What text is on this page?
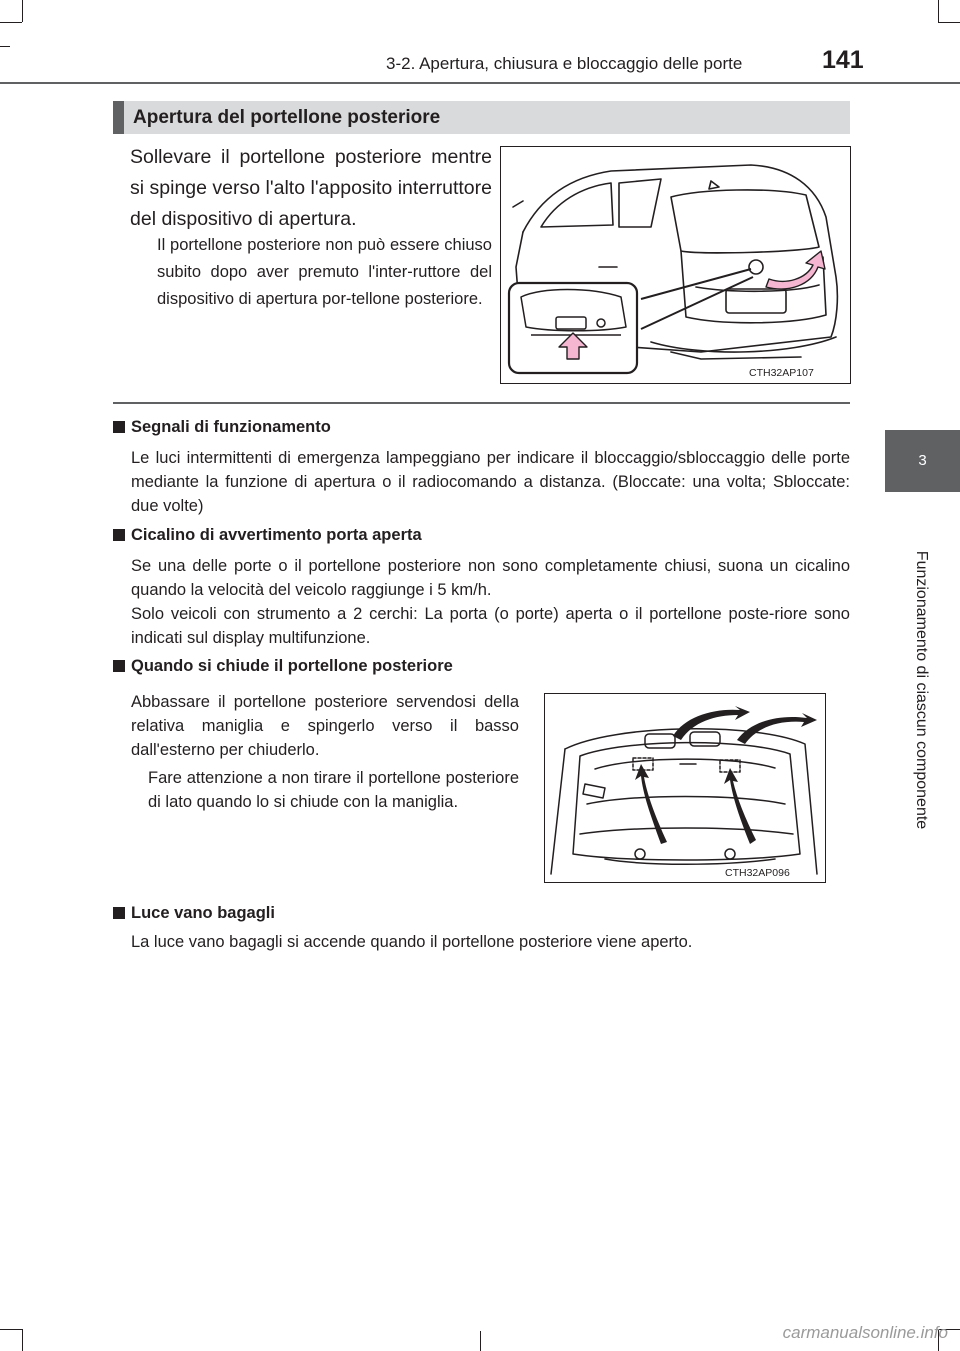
3-2. Apertura, chiusura e bloccaggio delle porte	141
3
Funzionamento di ciascun componente
Apertura del portellone posteriore
Sollevare il portellone posteriore mentre si spinge verso l'alto l'apposito interruttore del dispositivo di apertura.
Il portellone posteriore non può essere chiuso subito dopo aver premuto l'inter-ruttore del dispositivo di apertura por-tellone posteriore.
CTH32AP107
Segnali di funzionamento
Le luci intermittenti di emergenza lampeggiano per indicare il bloccaggio/sbloccaggio delle porte mediante la funzione di apertura o il radiocomando a distanza. (Bloccate: una volta; Sbloccate: due volte)
Cicalino di avvertimento porta aperta
Se una delle porte o il portellone posteriore non sono completamente chiusi, suona un cicalino quando la velocità del veicolo raggiunge i 5 km/h.
Solo veicoli con strumento a 2 cerchi: La porta (o porte) aperta o il portellone poste-riore sono indicati sul display multifunzione.
Quando si chiude il portellone posteriore
Abbassare il portellone posteriore servendosi della relativa maniglia e spingerlo verso il basso dall'esterno per chiuderlo.
Fare attenzione a non tirare il portellone posteriore di lato quando lo si chiude con la maniglia.
CTH32AP096
Luce vano bagagli
La luce vano bagagli si accende quando il portellone posteriore viene aperto.
carmanualsonline.info
